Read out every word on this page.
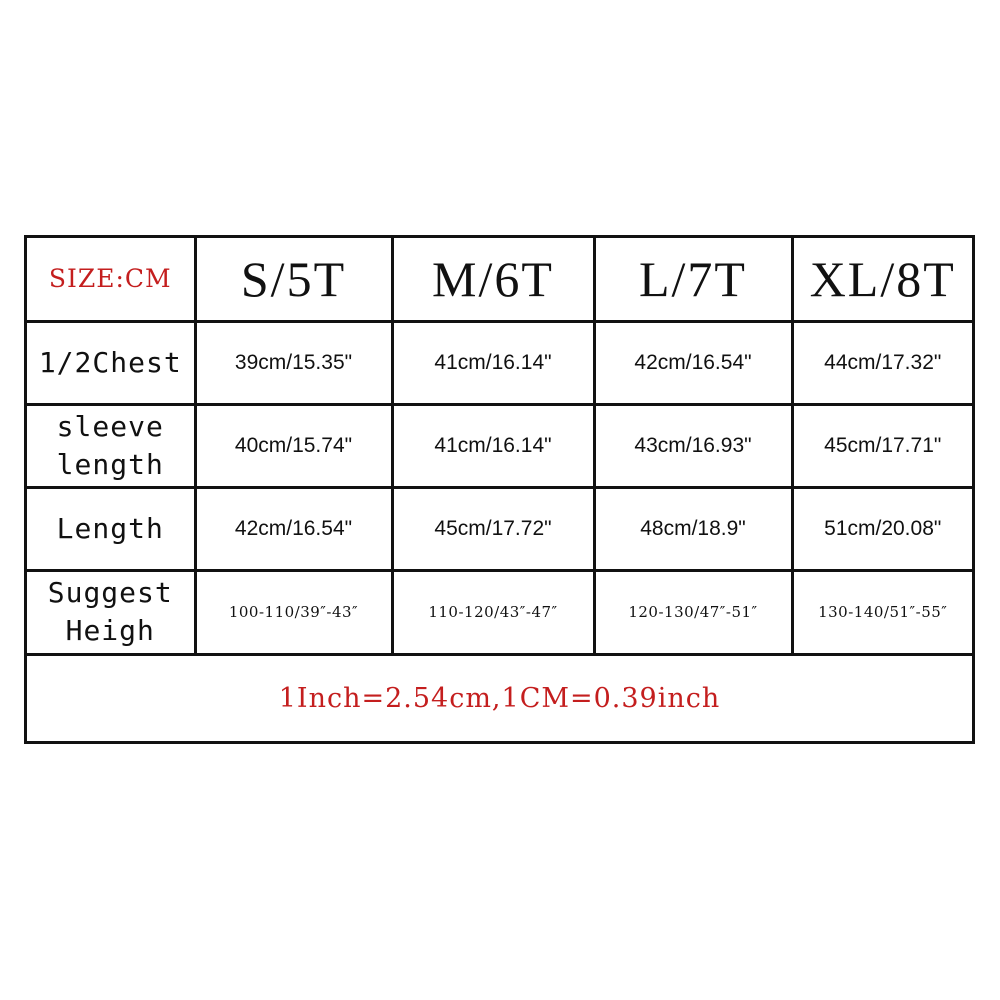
SIZE:CM	S/5T	M/6T	L/7T	XL/8T

1/2Chest	39cm/15.35"	41cm/16.14"	42cm/16.54"	44cm/17.32"

sleeve
length	40cm/15.74"	41cm/16.14"	43cm/16.93"	45cm/17.71"

Length	42cm/16.54"	45cm/17.72"	48cm/18.9"	51cm/20.08"

Suggest
Heigh	100-110/39″-43″	110-120/43″-47″	120-130/47″-51″	130-140/51″-55″
1Inch=2.54cm,1CM=0.39inch				
